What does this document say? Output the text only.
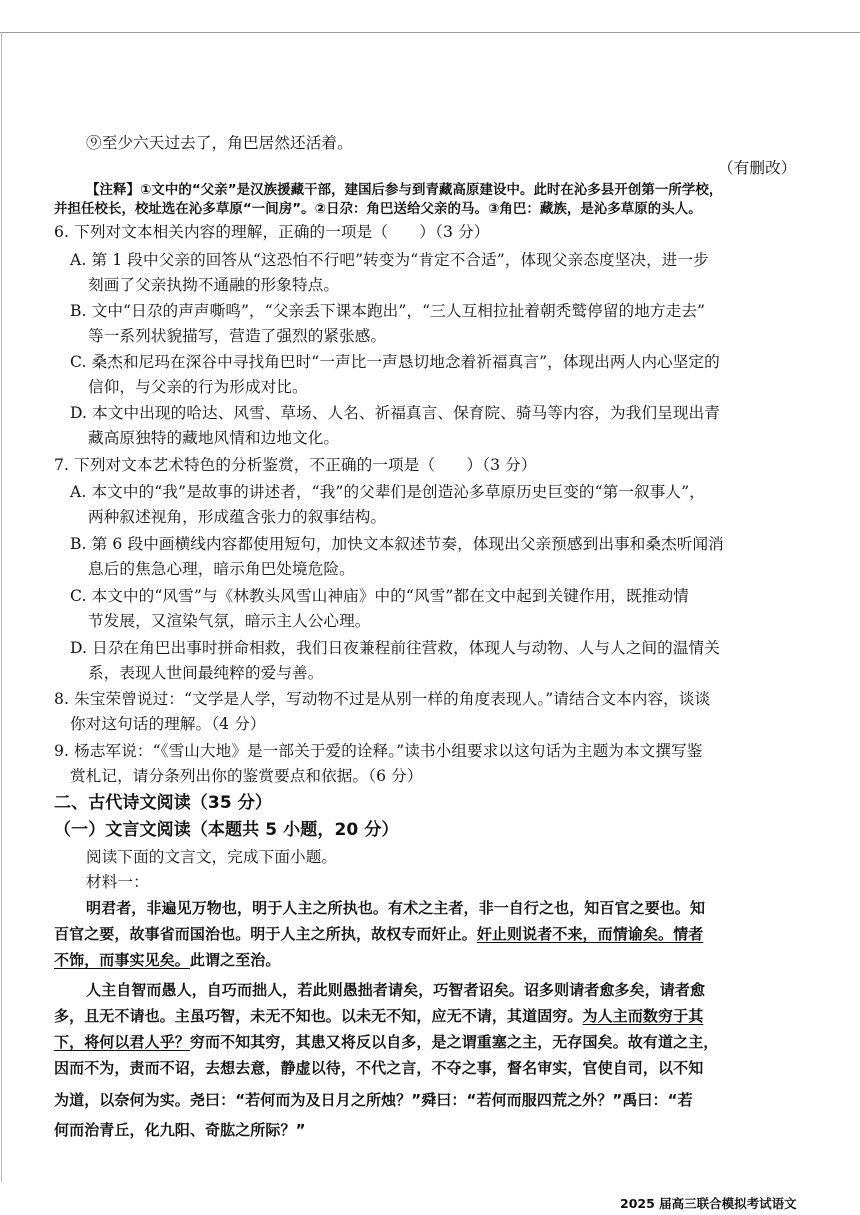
⑨至少六天过去了，角巴居然还活着。
（有删改）
【注释】①文中的“父亲”是汉族援藏干部，建国后参与到青藏高原建设中。此时在沁多县开创第一所学校，
并担任校长，校址选在沁多草原“一间房”。②日尕：角巴送给父亲的马。③角巴：藏族，是沁多草原的头人。
6. 下列对文本相关内容的理解，正确的一项是（　　）（3 分）
A. 第 1 段中父亲的回答从“这恐怕不行吧”转变为“肯定不合适”，体现父亲态度坚决，进一步
刻画了父亲执拗不通融的形象特点。
B. 文中“日尕的声声嘶鸣”，“父亲丢下课本跑出”，“三人互相拉扯着朝秃鹫停留的地方走去”
等一系列状貌描写，营造了强烈的紧张感。
C. 桑杰和尼玛在深谷中寻找角巴时“一声比一声恳切地念着祈福真言”，体现出两人内心坚定的
信仰，与父亲的行为形成对比。
D. 本文中出现的哈达、风雪、草场、人名、祈福真言、保育院、骑马等内容，为我们呈现出青
藏高原独特的藏地风情和边地文化。
7. 下列对文本艺术特色的分析鉴赏，不正确的一项是（　　）（3 分）
A. 本文中的“我”是故事的讲述者，“我”的父辈们是创造沁多草原历史巨变的“第一叙事人”，
两种叙述视角，形成蕴含张力的叙事结构。
B. 第 6 段中画横线内容都使用短句，加快文本叙述节奏，体现出父亲预感到出事和桑杰听闻消
息后的焦急心理，暗示角巴处境危险。
C. 本文中的“风雪”与《林教头风雪山神庙》中的“风雪”都在文中起到关键作用，既推动情
节发展，又渲染气氛，暗示主人公心理。
D. 日尕在角巴出事时拼命相救，我们日夜兼程前往营救，体现人与动物、人与人之间的温情关
系，表现人世间最纯粹的爱与善。
8. 朱宝荣曾说过：“文学是人学，写动物不过是从别一样的角度表现人。”请结合文本内容，谈谈
你对这句话的理解。（4 分）
9. 杨志军说：“《雪山大地》是一部关于爱的诠释。”读书小组要求以这句话为主题为本文撰写鉴
赏札记，请分条列出你的鉴赏要点和依据。（6 分）
二、古代诗文阅读（35 分）
（一）文言文阅读（本题共 5 小题，20 分）
阅读下面的文言文，完成下面小题。
材料一：
明君者，非遍见万物也，明于人主之所执也。有术之主者，非一自行之也，知百官之要也。知
百官之要，故事省而国治也。明于人主之所执，故权专而奸止。奸止则说者不来，而情谕矣。情者
不饰，而事实见矣。此谓之至治。
人主自智而愚人，自巧而拙人，若此则愚拙者请矣，巧智者诏矣。诏多则请者愈多矣，请者愈
多，且无不请也。主虽巧智，未无不知也。以未无不知，应无不请，其道固穷。为人主而数穷于其
下，将何以君人乎？穷而不知其穷，其患又将反以自多，是之谓重塞之主，无存国矣。故有道之主，
因而不为，责而不诏，去想去意，静虚以待，不代之言，不夺之事，督名审实，官使自司，以不知
为道，以奈何为实。尧曰：“若何而为及日月之所烛？”舜曰：“若何而服四荒之外？”禹曰：“若
何而治青丘，化九阳、奇肱之所际？”
2025 届高三联合模拟考试语文
